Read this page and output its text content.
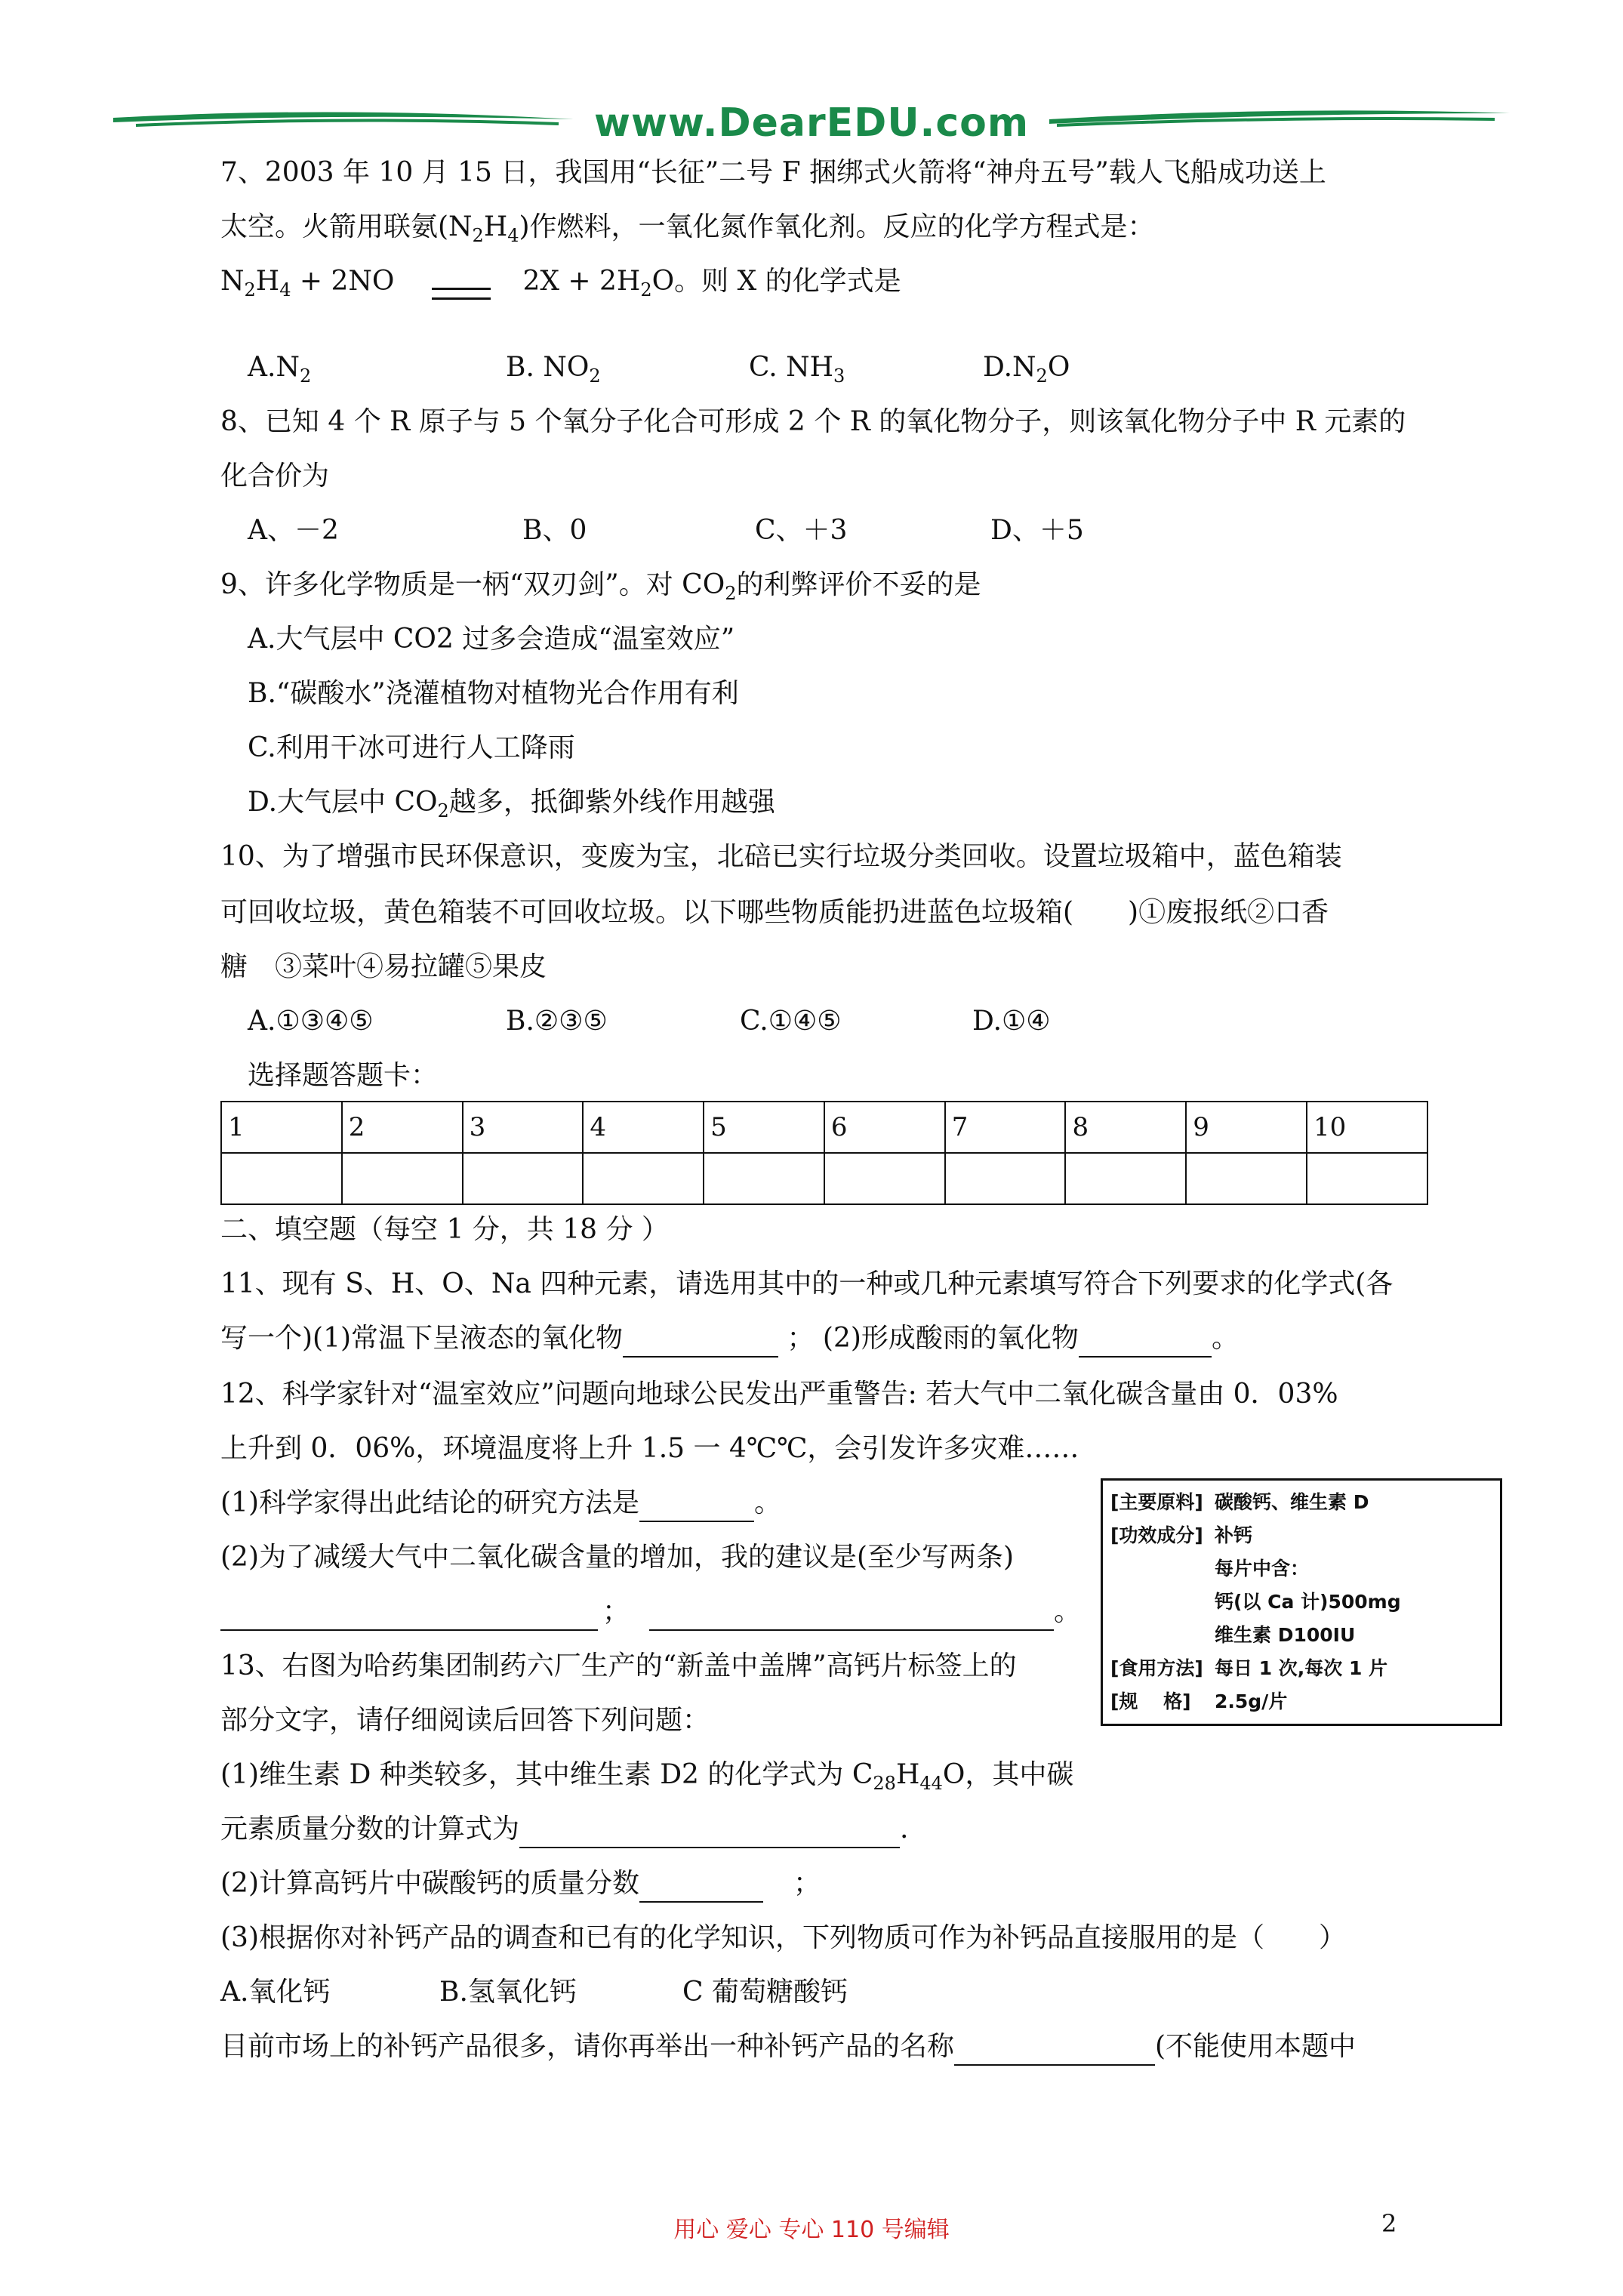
www.DearEDU.com
7、2003 年 10 月 15 日，我国用“长征”二号 F 捆绑式火箭将“神舟五号”载人飞船成功送上
太空。火箭用联氨$(N_2H_4)$作燃料，一氧化氮作氧化剂。反应的化学方程式是：
$N_2H_4 + 2NO$	$2X + 2H_2O$。则 X 的化学式是
$A.N_2$	B. $NO_2$	C. $NH_3$	$D.N_2O$
8、已知 4 个 R 原子与 5 个氧分子化合可形成 2 个 R 的氧化物分子，则该氧化物分子中 R 元素的
化合价为
A、－2	B、0	C、＋3	D、＋5
9、许多化学物质是一柄“双刃剑”。对 $CO_2$的利弊评价不妥的是
A.大气层中 CO2 过多会造成“温室效应”
B.“碳酸水”浇灌植物对植物光合作用有利
C.利用干冰可进行人工降雨
D.大气层中 $CO_2$越多，抵御紫外线作用越强
10、为了增强市民环保意识，变废为宝，北碚已实行垃圾分类回收。设置垃圾箱中，蓝色箱装
可回收垃圾，黄色箱装不可回收垃圾。以下哪些物质能扔进蓝色垃圾箱(　　)①废报纸②口香
糖　③菜叶④易拉罐⑤果皮
A.①③④⑤	B.②③⑤	C.①④⑤	D.①④
选择题答题卡：
1	2	3	4	5	6	7	8	9	10

二、填空题（每空 1 分，共 18 分 ）
11、现有 S、H、O、Na 四种元素，请选用其中的一种或几种元素填写符合下列要求的化学式(各
写一个)(1)常温下呈液态的氧化物	； (2)形成酸雨的氧化物	。
12、科学家针对“温室效应”问题向地球公民发出严重警告: 若大气中二氧化碳含量由 0．03%
上升到 0．06%，环境温度将上升 1.5 一 4℃℃，会引发许多灾难……
(1)科学家得出此结论的研究方法是	。
(2)为了减缓大气中二氧化碳含量的增加，我的建议是(至少写两条)
；	。
13、右图为哈药集团制药六厂生产的“新盖中盖牌”高钙片标签上的
部分文字，请仔细阅读后回答下列问题：
(1)维生素 D 种类较多，其中维生素 D2 的化学式为 $C_{28}H_{44}O$，其中碳
元素质量分数的计算式为	.
(2)计算高钙片中碳酸钙的质量分数	；
(3)根据你对补钙产品的调查和已有的化学知识，下列物质可作为补钙品直接服用的是（　　）
A.氧化钙	B.氢氧化钙	C 葡萄糖酸钙
目前市场上的补钙产品很多，请你再举出一种补钙产品的名称	(不能使用本题中
[主要原料] 碳酸钙、维生素 D
[功效成分] 补钙
每片中含：
钙(以 Ca 计)500mg
维生素 D100IU
[食用方法] 每日 1 次,每次 1 片
[规　 格] 2.5g/片
用心 爱心 专心 110 号编辑	2
